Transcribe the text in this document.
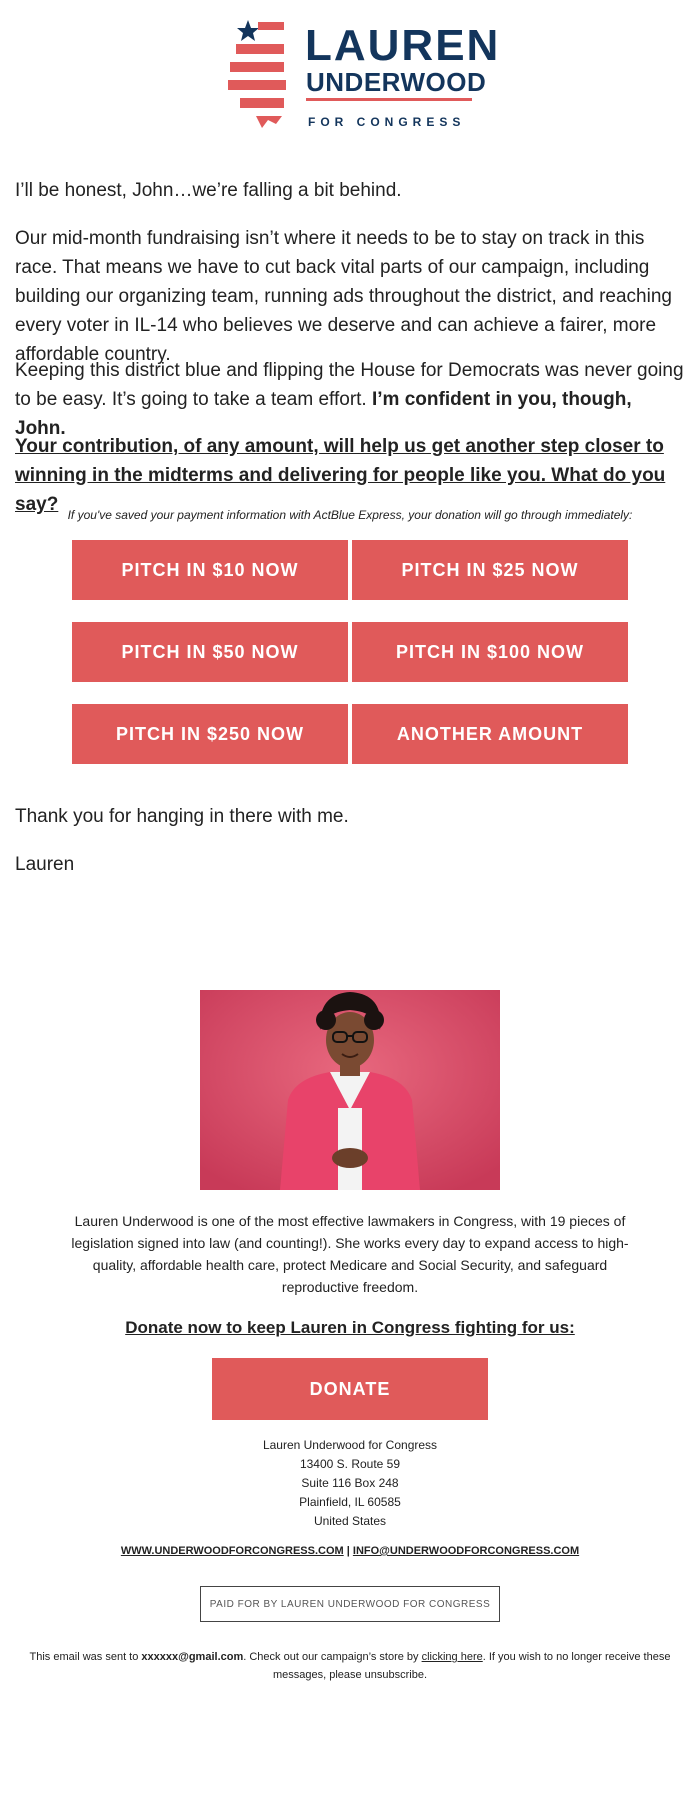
LAUREN
UNDERWOOD
FOR CONGRESS

I’ll be honest, John…we’re falling a bit behind.

Our mid-month fundraising isn’t where it needs to be to stay on track in this race. That means we have to cut back vital parts of our campaign, including building our organizing team, running ads throughout the district, and reaching every voter in IL-14 who believes we deserve and can achieve a fairer, more affordable country.

Keeping this district blue and flipping the House for Democrats was never going to be easy. It’s going to take a team effort. I’m confident in you, though, John.

Your contribution, of any amount, will help us get another step closer to winning in the midterms and delivering for people like you. What do you say? If you've saved your payment information with ActBlue Express, your donation will go through immediately:
PITCH IN $10 NOW	PITCH IN $25 NOW
PITCH IN $50 NOW	PITCH IN $100 NOW
PITCH IN $250 NOW	ANOTHER AMOUNT

Thank you for hanging in there with me.

Lauren

Lauren Underwood is one of the most effective lawmakers in Congress, with 19 pieces of legislation signed into law (and counting!). She works every day to expand access to high-quality, affordable health care, protect Medicare and Social Security, and safeguard reproductive freedom.
Donate now to keep Lauren in Congress fighting for us:
DONATE
Lauren Underwood for Congress
13400 S. Route 59
Suite 116 Box 248
Plainfield, IL 60585
United States
WWW.UNDERWOODFORCONGRESS.COM | INFO@UNDERWOODFORCONGRESS.COM
PAID FOR BY LAUREN UNDERWOOD FOR CONGRESS
This email was sent to xxxxxx@gmail.com. Check out our campaign’s store by clicking here. If you wish to no longer receive these messages, please unsubscribe.
